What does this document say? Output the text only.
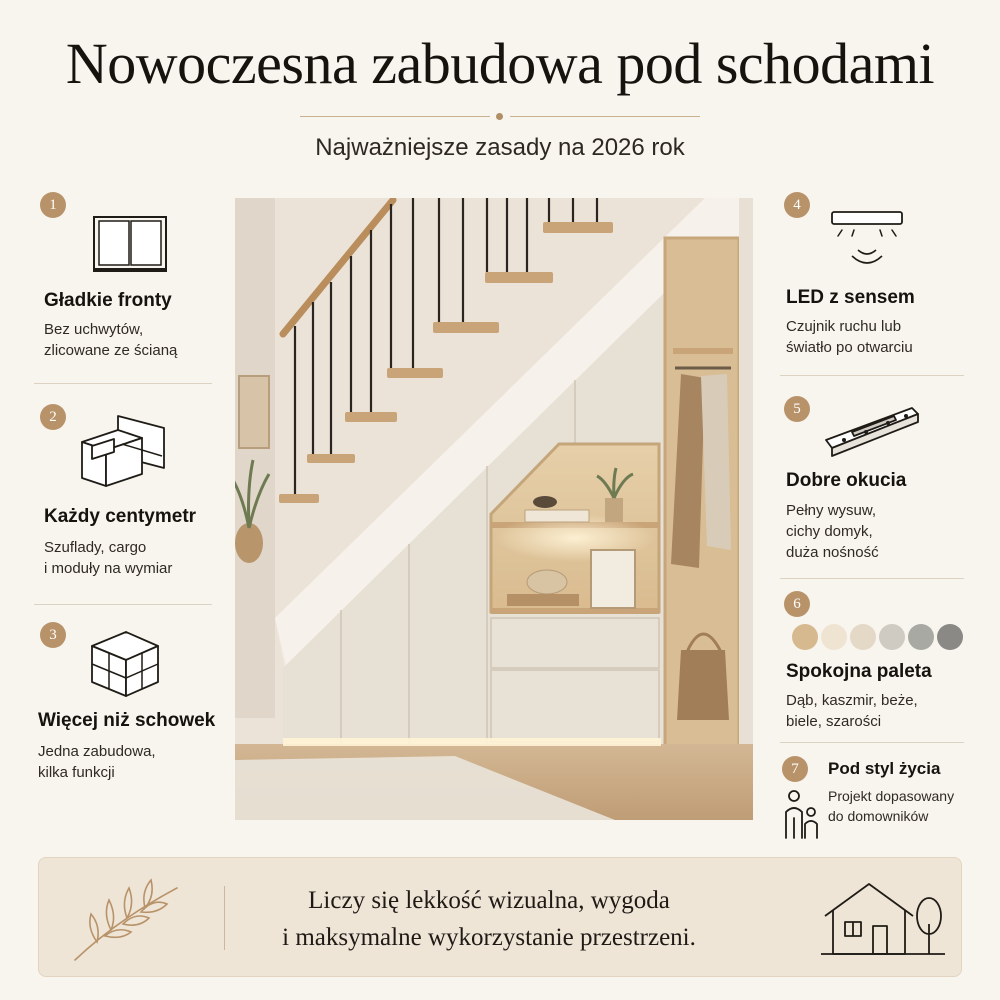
Nowoczesna zabudowa pod schodami
Najważniejsze zasady na 2026 rok
1
Gładkie fronty
Bez uchwytów,
zlicowane ze ścianą
2
Każdy centymetr
Szuflady, cargo
i moduły na wymiar
3
Więcej niż schowek
Jedna zabudowa,
kilka funkcji
4
LED z sensem
Czujnik ruchu lub
światło po otwarciu
5
Dobre okucia
Pełny wysuw,
cichy domyk,
duża nośność
6
Spokojna paleta
Dąb, kaszmir, beże,
biele, szarości
7	Pod styl życia
Projekt dopasowany
do domowników
Liczy się lekkość wizualna, wygoda
i maksymalne wykorzystanie przestrzeni.
